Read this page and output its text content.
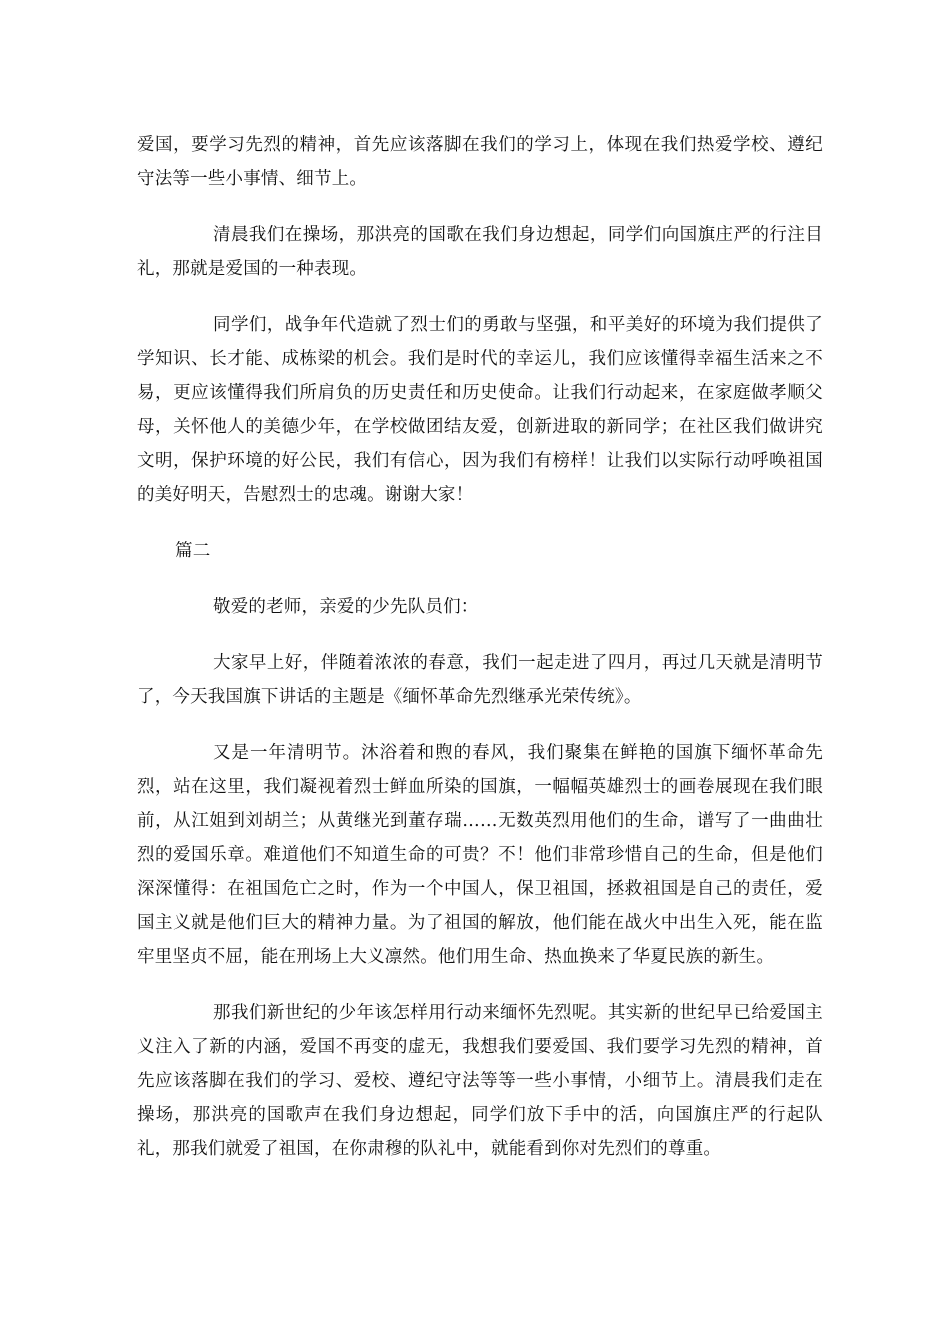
爱国，要学习先烈的精神，首先应该落脚在我们的学习上，体现在我们热爱学校、遵纪守法等一些小事情、细节上。

清晨我们在操场，那洪亮的国歌在我们身边想起，同学们向国旗庄严的行注目礼，那就是爱国的一种表现。

同学们，战争年代造就了烈士们的勇敢与坚强，和平美好的环境为我们提供了学知识、长才能、成栋梁的机会。我们是时代的幸运儿，我们应该懂得幸福生活来之不易，更应该懂得我们所肩负的历史责任和历史使命。让我们行动起来，在家庭做孝顺父母，关怀他人的美德少年，在学校做团结友爱，创新进取的新同学；在社区我们做讲究文明，保护环境的好公民，我们有信心，因为我们有榜样！让我们以实际行动呼唤祖国的美好明天，告慰烈士的忠魂。谢谢大家！

篇二

敬爱的老师，亲爱的少先队员们：

大家早上好，伴随着浓浓的春意，我们一起走进了四月，再过几天就是清明节了，今天我国旗下讲话的主题是《缅怀革命先烈继承光荣传统》。

又是一年清明节。沐浴着和煦的春风，我们聚集在鲜艳的国旗下缅怀革命先烈，站在这里，我们凝视着烈士鲜血所染的国旗，一幅幅英雄烈士的画卷展现在我们眼前，从江姐到刘胡兰；从黄继光到董存瑞……无数英烈用他们的生命，谱写了一曲曲壮烈的爱国乐章。难道他们不知道生命的可贵？不！他们非常珍惜自己的生命，但是他们深深懂得：在祖国危亡之时，作为一个中国人，保卫祖国，拯救祖国是自己的责任，爱国主义就是他们巨大的精神力量。为了祖国的解放，他们能在战火中出生入死，能在监牢里坚贞不屈，能在刑场上大义凛然。他们用生命、热血换来了华夏民族的新生。

那我们新世纪的少年该怎样用行动来缅怀先烈呢。其实新的世纪早已给爱国主义注入了新的内涵，爱国不再变的虚无，我想我们要爱国、我们要学习先烈的精神，首先应该落脚在我们的学习、爱校、遵纪守法等等一些小事情，小细节上。清晨我们走在操场，那洪亮的国歌声在我们身边想起，同学们放下手中的活，向国旗庄严的行起队礼，那我们就爱了祖国，在你肃穆的队礼中，就能看到你对先烈们的尊重。
